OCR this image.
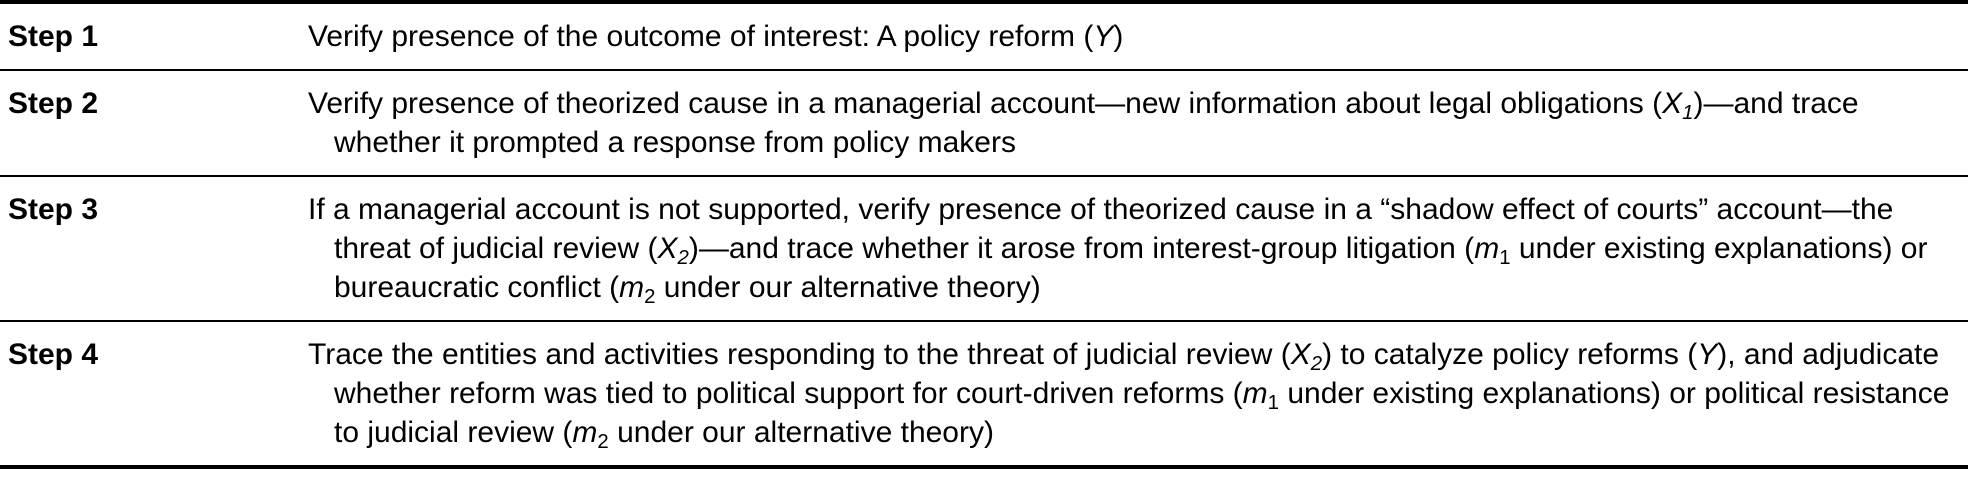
Step 1	Verify presence of the outcome of interest: A policy reform (Y)
Step 2	Verify presence of theorized cause in a managerial account—new information about legal obligations $(X_1)—and$ trace whether it prompted a response from policy makers
Step 3	If a managerial account is not supported, verify presence of theorized cause in a “shadow effect of courts” account—the threat of judicial review $(X_2)—and$ trace whether it arose from interest-group litigation ($m_1$ under existing explanations) or bureaucratic conflict ($m_2$ under our alternative theory)
Step 4	Trace the entities and activities responding to the threat of judicial review $(X_2)$ to catalyze policy reforms (Y), and adjudicate whether reform was tied to political support for court-driven reforms ($m_1$ under existing explanations) or political resistance to judicial review ($m_2$ under our alternative theory)
